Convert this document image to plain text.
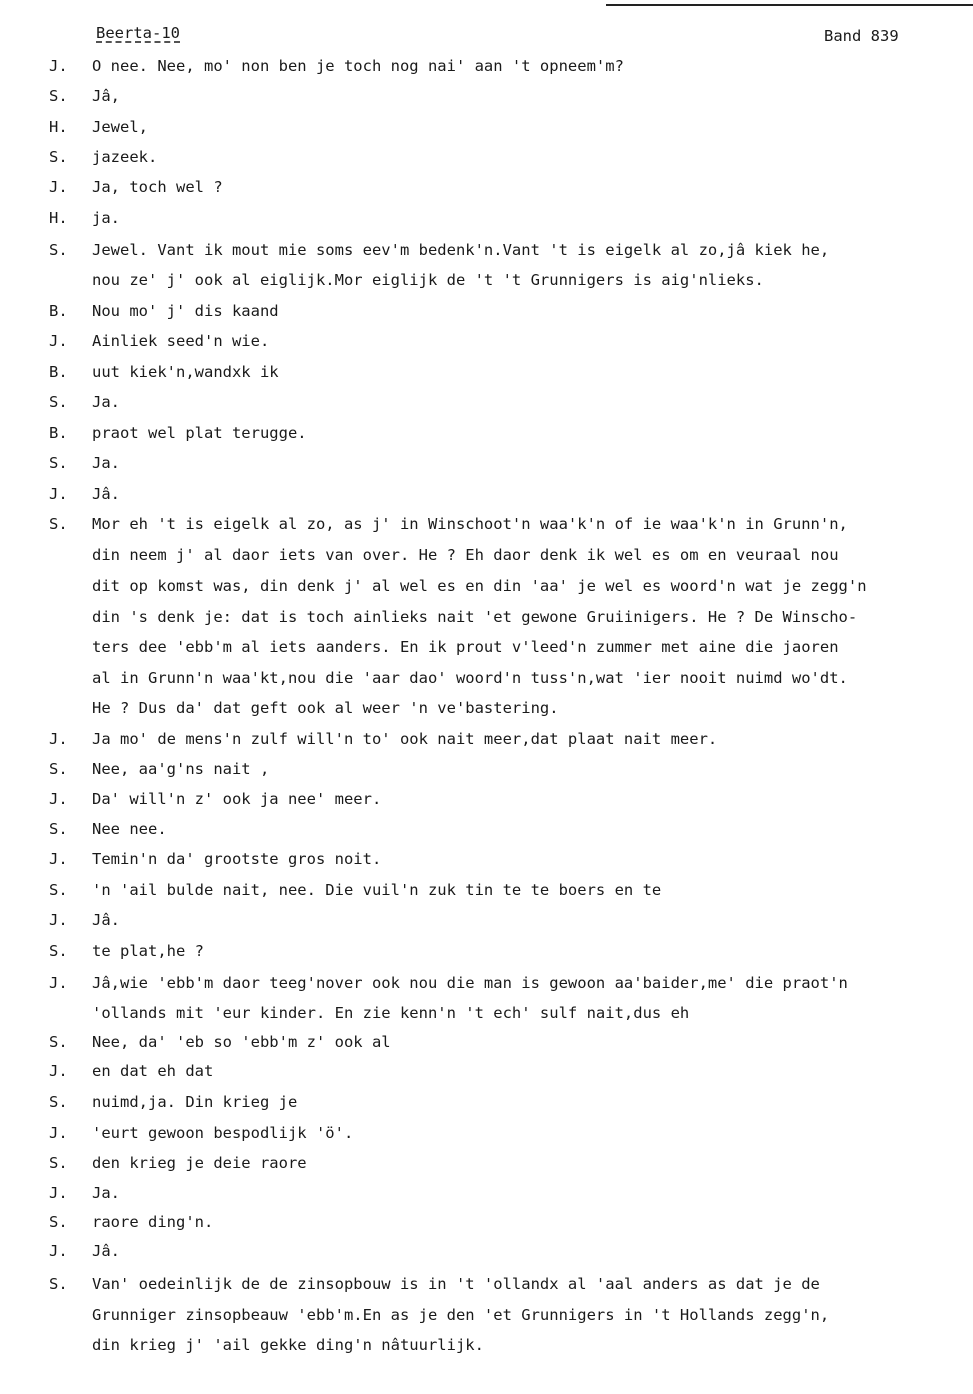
Beerta-10	Band 839
J. O nee. Nee, mo' non ben je toch nog nai' aan 't opneem'm?
S. Jâ,
H. Jewel,
S. jazeek.
J. Ja, toch wel ?
H. ja.
S. Jewel. Vant ik mout mie soms eev'm bedenk'n.Vant 't is eigelk al zo,jâ kiek he,
nou ze' j' ook al eiglijk.Mor eiglijk de 't 't Grunnigers is aig'nlieks.
B. Nou mo' j' dis kaand
J. Ainliek seed'n wie.
B. uut kiek'n,wandxk ik
S. Ja.
B. praot wel plat terugge.
S. Ja.
J. Jâ.
S. Mor eh 't is eigelk al zo, as j' in Winschoot'n waa'k'n of ie waa'k'n in Grunn'n,
din neem j' al daor iets van over. He ? Eh daor denk ik wel es om en veuraal nou
dit op komst was, din denk j' al wel es en din 'aa' je wel es woord'n wat je zegg'n
din 's denk je: dat is toch ainlieks nait 'et gewone Gruiinigers. He ? De Winscho-
ters dee 'ebb'm al iets aanders. En ik prout v'leed'n zummer met aine die jaoren
al in Grunn'n waa'kt,nou die 'aar dao' woord'n tuss'n,wat 'ier nooit nuimd wo'dt.
He ? Dus da' dat geft ook al weer 'n ve'bastering.
J. Ja mo' de mens'n zulf will'n to' ook nait meer,dat plaat nait meer.
S. Nee, aa'g'ns nait ,
J. Da' will'n z' ook ja nee' meer.
S. Nee nee.
J. Temin'n da' grootste gros noit.
S. 'n 'ail bulde nait, nee. Die vuil'n zuk tin te te boers en te
J. Jâ.
S. te plat,he ?
J. Jâ,wie 'ebb'm daor teeg'nover ook nou die man is gewoon aa'baider,me' die praot'n
'ollands mit 'eur kinder. En zie kenn'n 't ech' sulf nait,dus eh
S. Nee, da' 'eb so 'ebb'm z' ook al
J. en dat eh dat
S. nuimd,ja. Din krieg je
J. 'eurt gewoon bespodlijk 'ö'.
S. den krieg je deie raore
J. Ja.
S. raore ding'n.
J. Jâ.
S. Van' oedeinlijk de de zinsopbouw is in 't 'ollandx al 'aal anders as dat je de
Grunniger zinsopbeauw 'ebb'm.En as je den 'et Grunnigers in 't Hollands zegg'n,
din krieg j' 'ail gekke ding'n nâtuurlijk.
